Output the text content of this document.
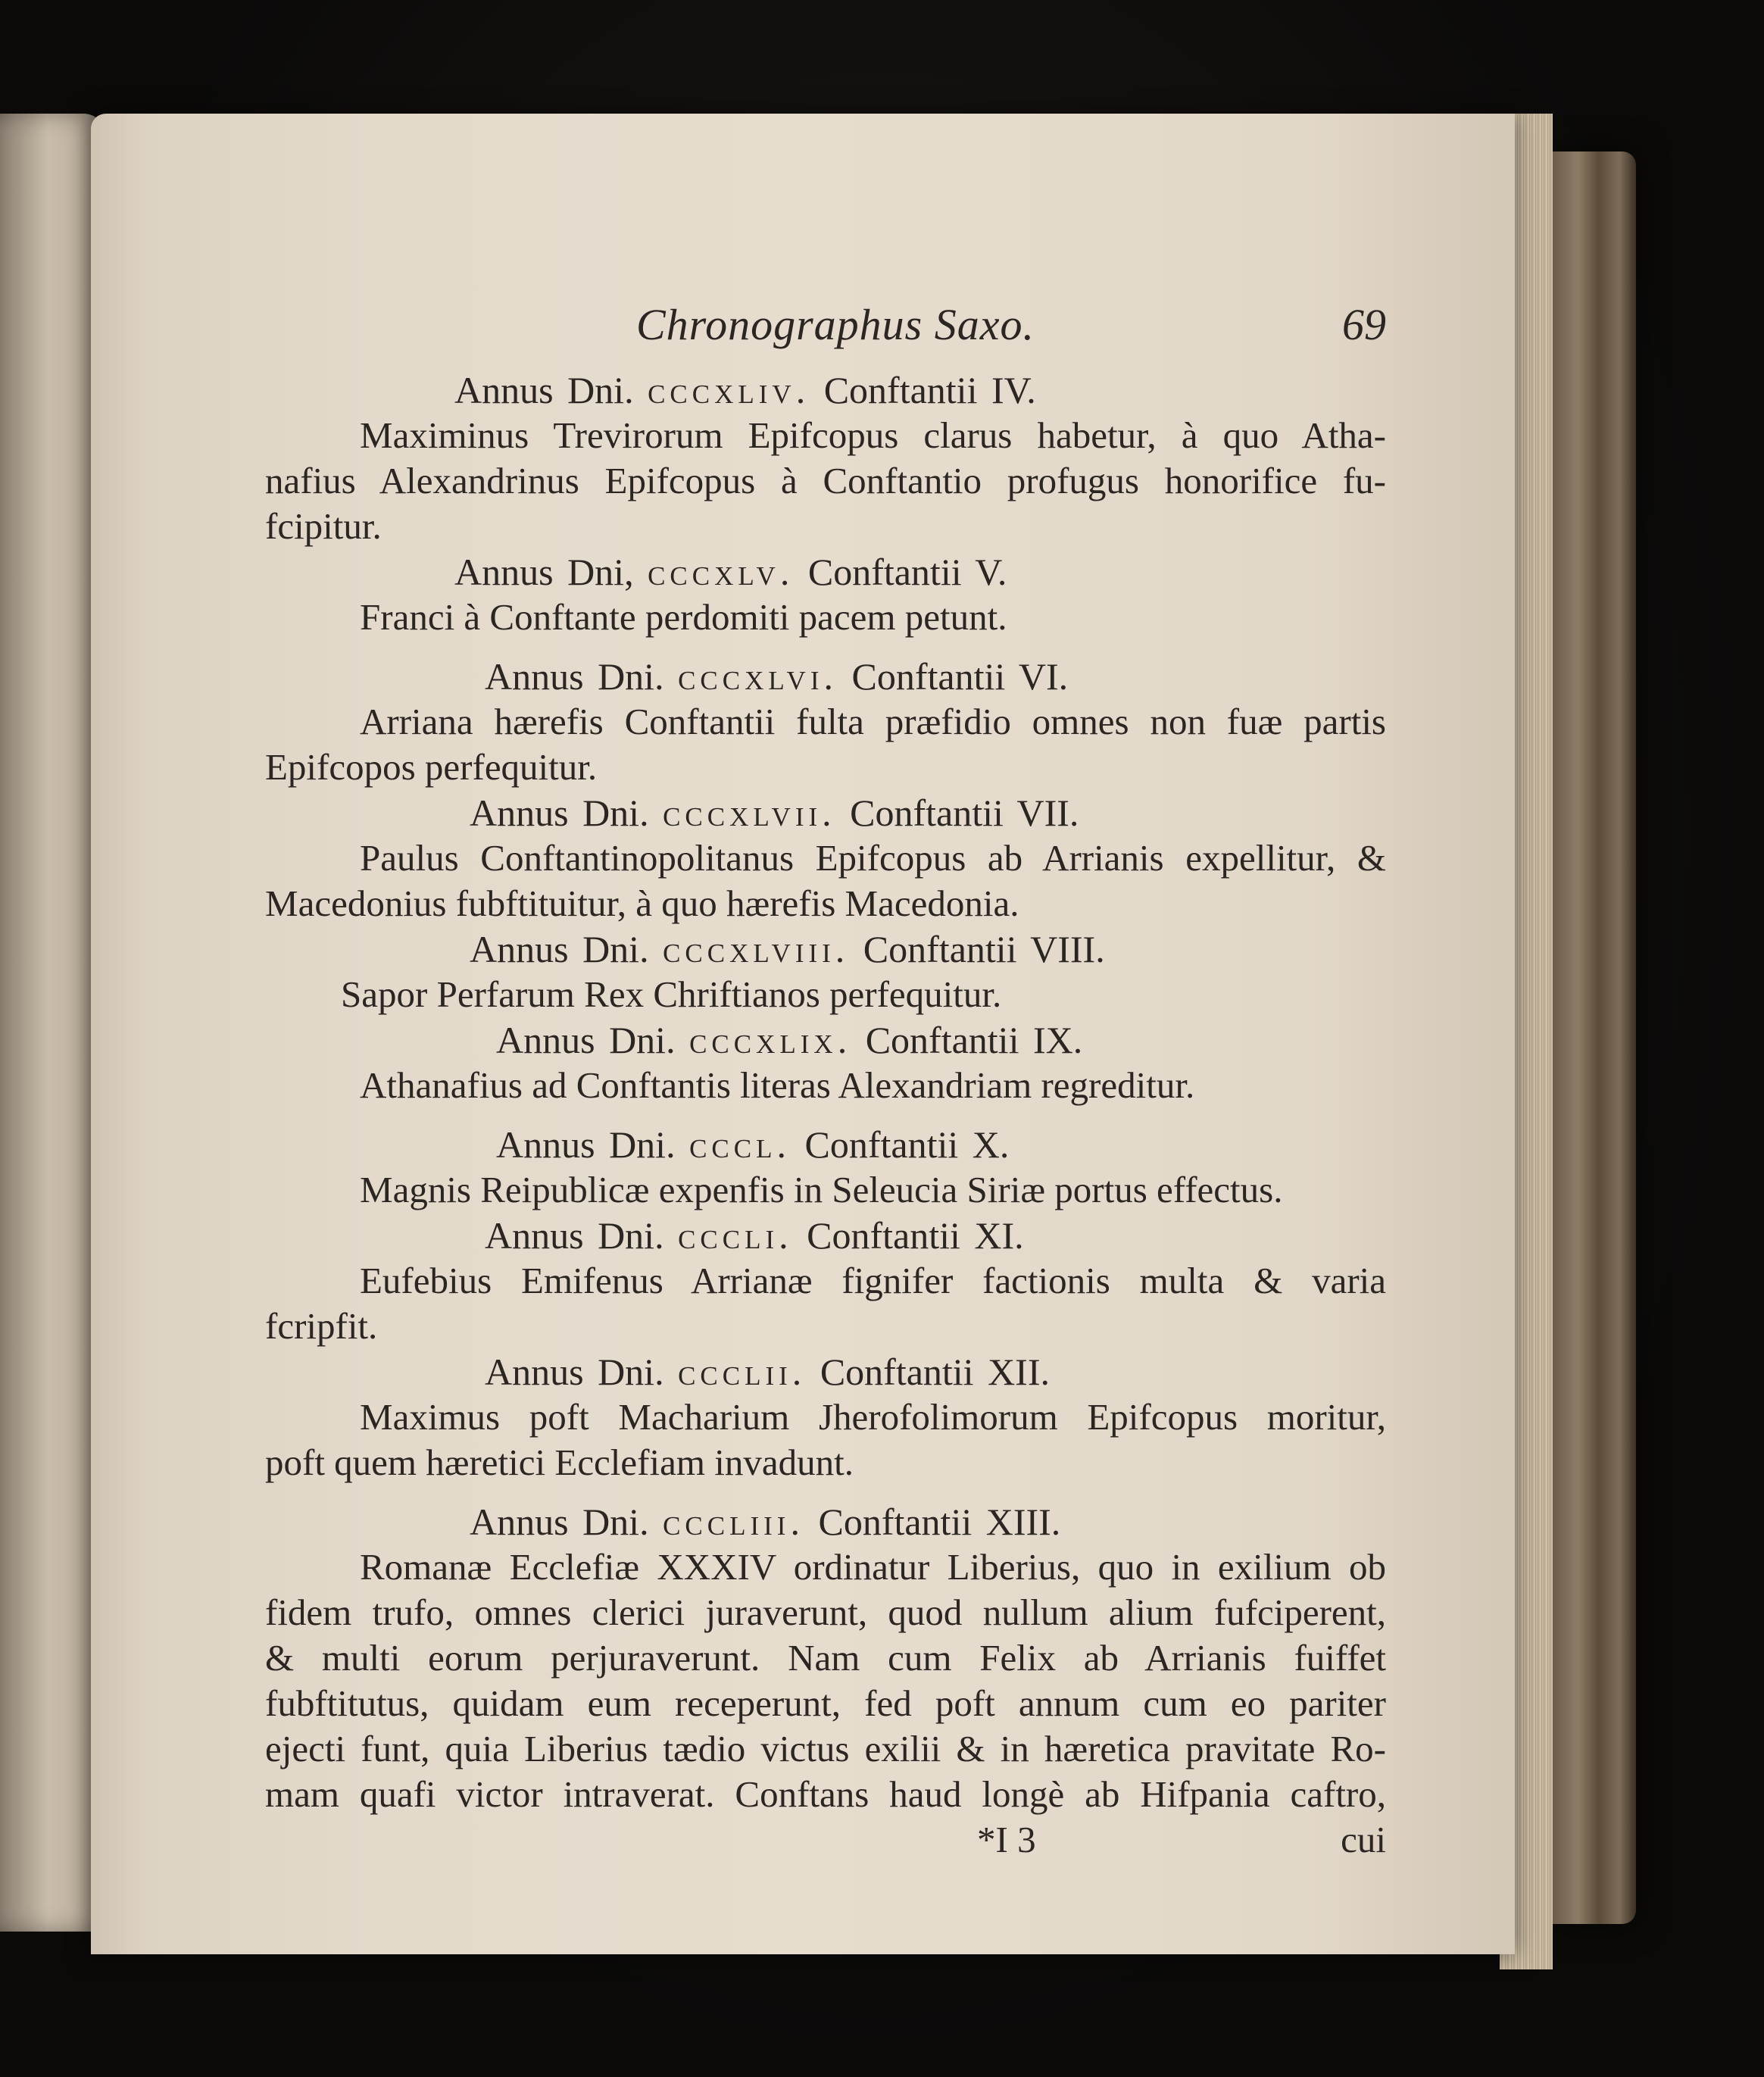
Chronographus Saxo.	69
Annus Dni. cccxliv. Conftantii IV.
Maximinus Trevirorum Epifcopus clarus habetur, à quo Atha-
nafius Alexandrinus Epifcopus à Conftantio profugus honorifice fu-
fcipitur.
Annus Dni, cccxlv. Conftantii V.
Franci à Conftante perdomiti pacem petunt.
Annus Dni. cccxlvi. Conftantii VI.
Arriana hærefis Conftantii fulta præfidio omnes non fuæ partis
Epifcopos perfequitur.
Annus Dni. cccxlvii. Conftantii VII.
Paulus Conftantinopolitanus Epifcopus ab Arrianis expellitur, &
Macedonius fubftituitur, à quo hærefis Macedonia.
Annus Dni. cccxlviii. Conftantii VIII.
Sapor Perfarum Rex Chriftianos perfequitur.
Annus Dni. cccxlix. Conftantii IX.
Athanafius ad Conftantis literas Alexandriam regreditur.
Annus Dni. cccl. Conftantii X.
Magnis Reipublicæ expenfis in Seleucia Siriæ portus effectus.
Annus Dni. cccli. Conftantii XI.
Eufebius Emifenus Arrianæ fignifer factionis multa & varia
fcripfit.
Annus Dni. ccclii. Conftantii XII.
Maximus poft Macharium Jherofolimorum Epifcopus moritur,
poft quem hæretici Ecclefiam invadunt.
Annus Dni. cccliii. Conftantii XIII.
Romanæ Ecclefiæ XXXIV ordinatur Liberius, quo in exilium ob
fidem trufo, omnes clerici juraverunt, quod nullum alium fufciperent,
& multi eorum perjuraverunt. Nam cum Felix ab Arrianis fuiffet
fubftitutus, quidam eum receperunt, fed poft annum cum eo pariter
ejecti funt, quia Liberius tædio victus exilii & in hæretica pravitate Ro-
mam quafi victor intraverat. Conftans haud longè ab Hifpania caftro,
*I 3	cui
